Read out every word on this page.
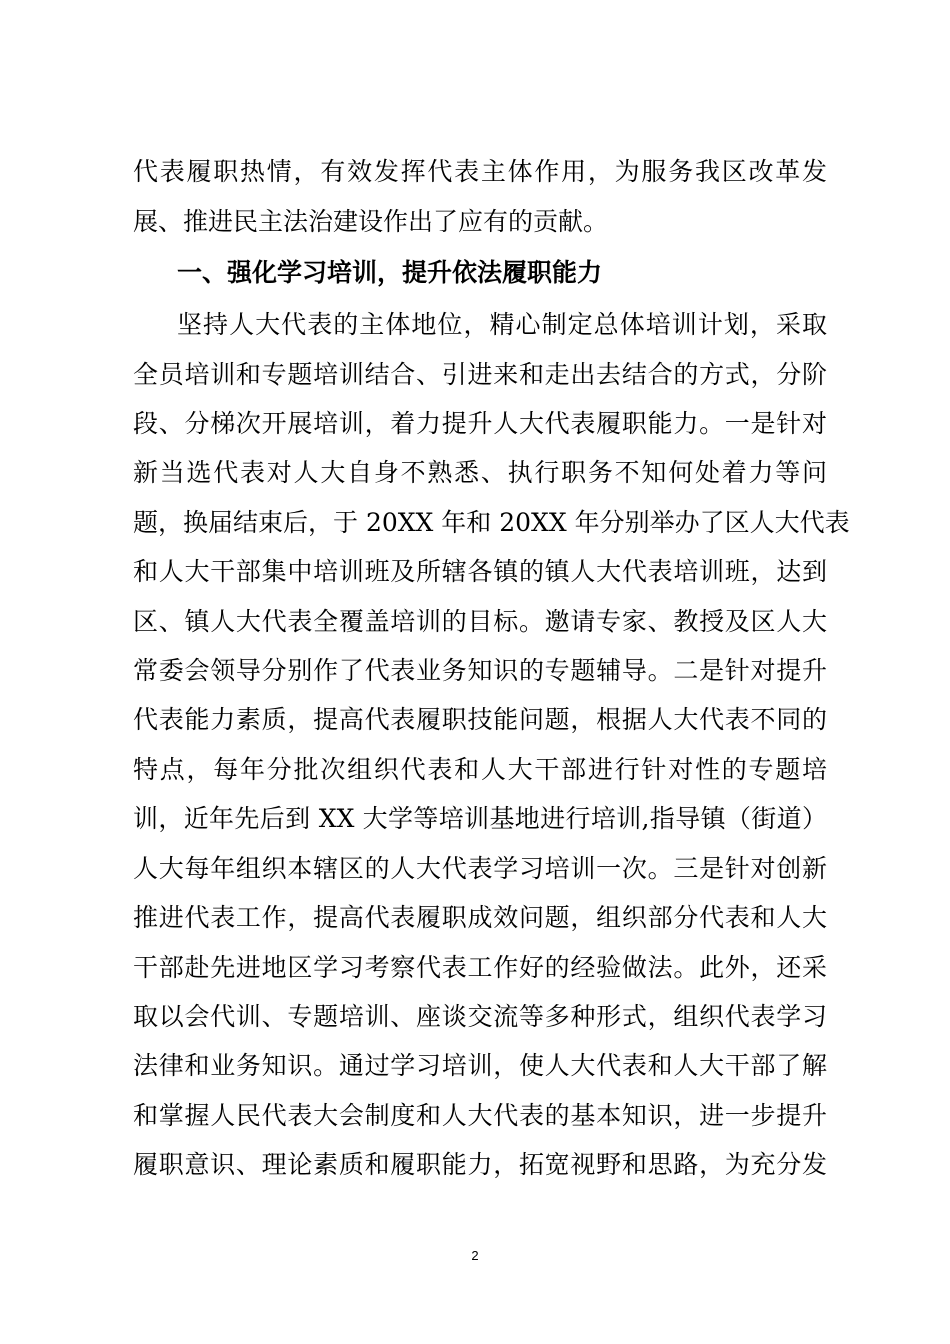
代表履职热情，有效发挥代表主体作用，为服务我区改革发
展、推进民主法治建设作出了应有的贡献。
一、强化学习培训，提升依法履职能力
坚持人大代表的主体地位，精心制定总体培训计划，采取
全员培训和专题培训结合、引进来和走出去结合的方式，分阶
段、分梯次开展培训，着力提升人大代表履职能力。一是针对
新当选代表对人大自身不熟悉、执行职务不知何处着力等问
题，换届结束后，于 20XX 年和 20XX 年分别举办了区人大代表
和人大干部集中培训班及所辖各镇的镇人大代表培训班，达到
区、镇人大代表全覆盖培训的目标。邀请专家、教授及区人大
常委会领导分别作了代表业务知识的专题辅导。二是针对提升
代表能力素质，提高代表履职技能问题，根据人大代表不同的
特点，每年分批次组织代表和人大干部进行针对性的专题培
训，近年先后到 XX 大学等培训基地进行培训,指导镇（街道）
人大每年组织本辖区的人大代表学习培训一次。三是针对创新
推进代表工作，提高代表履职成效问题，组织部分代表和人大
干部赴先进地区学习考察代表工作好的经验做法。此外，还采
取以会代训、专题培训、座谈交流等多种形式，组织代表学习
法律和业务知识。通过学习培训，使人大代表和人大干部了解
和掌握人民代表大会制度和人大代表的基本知识，进一步提升
履职意识、理论素质和履职能力，拓宽视野和思路，为充分发
2
